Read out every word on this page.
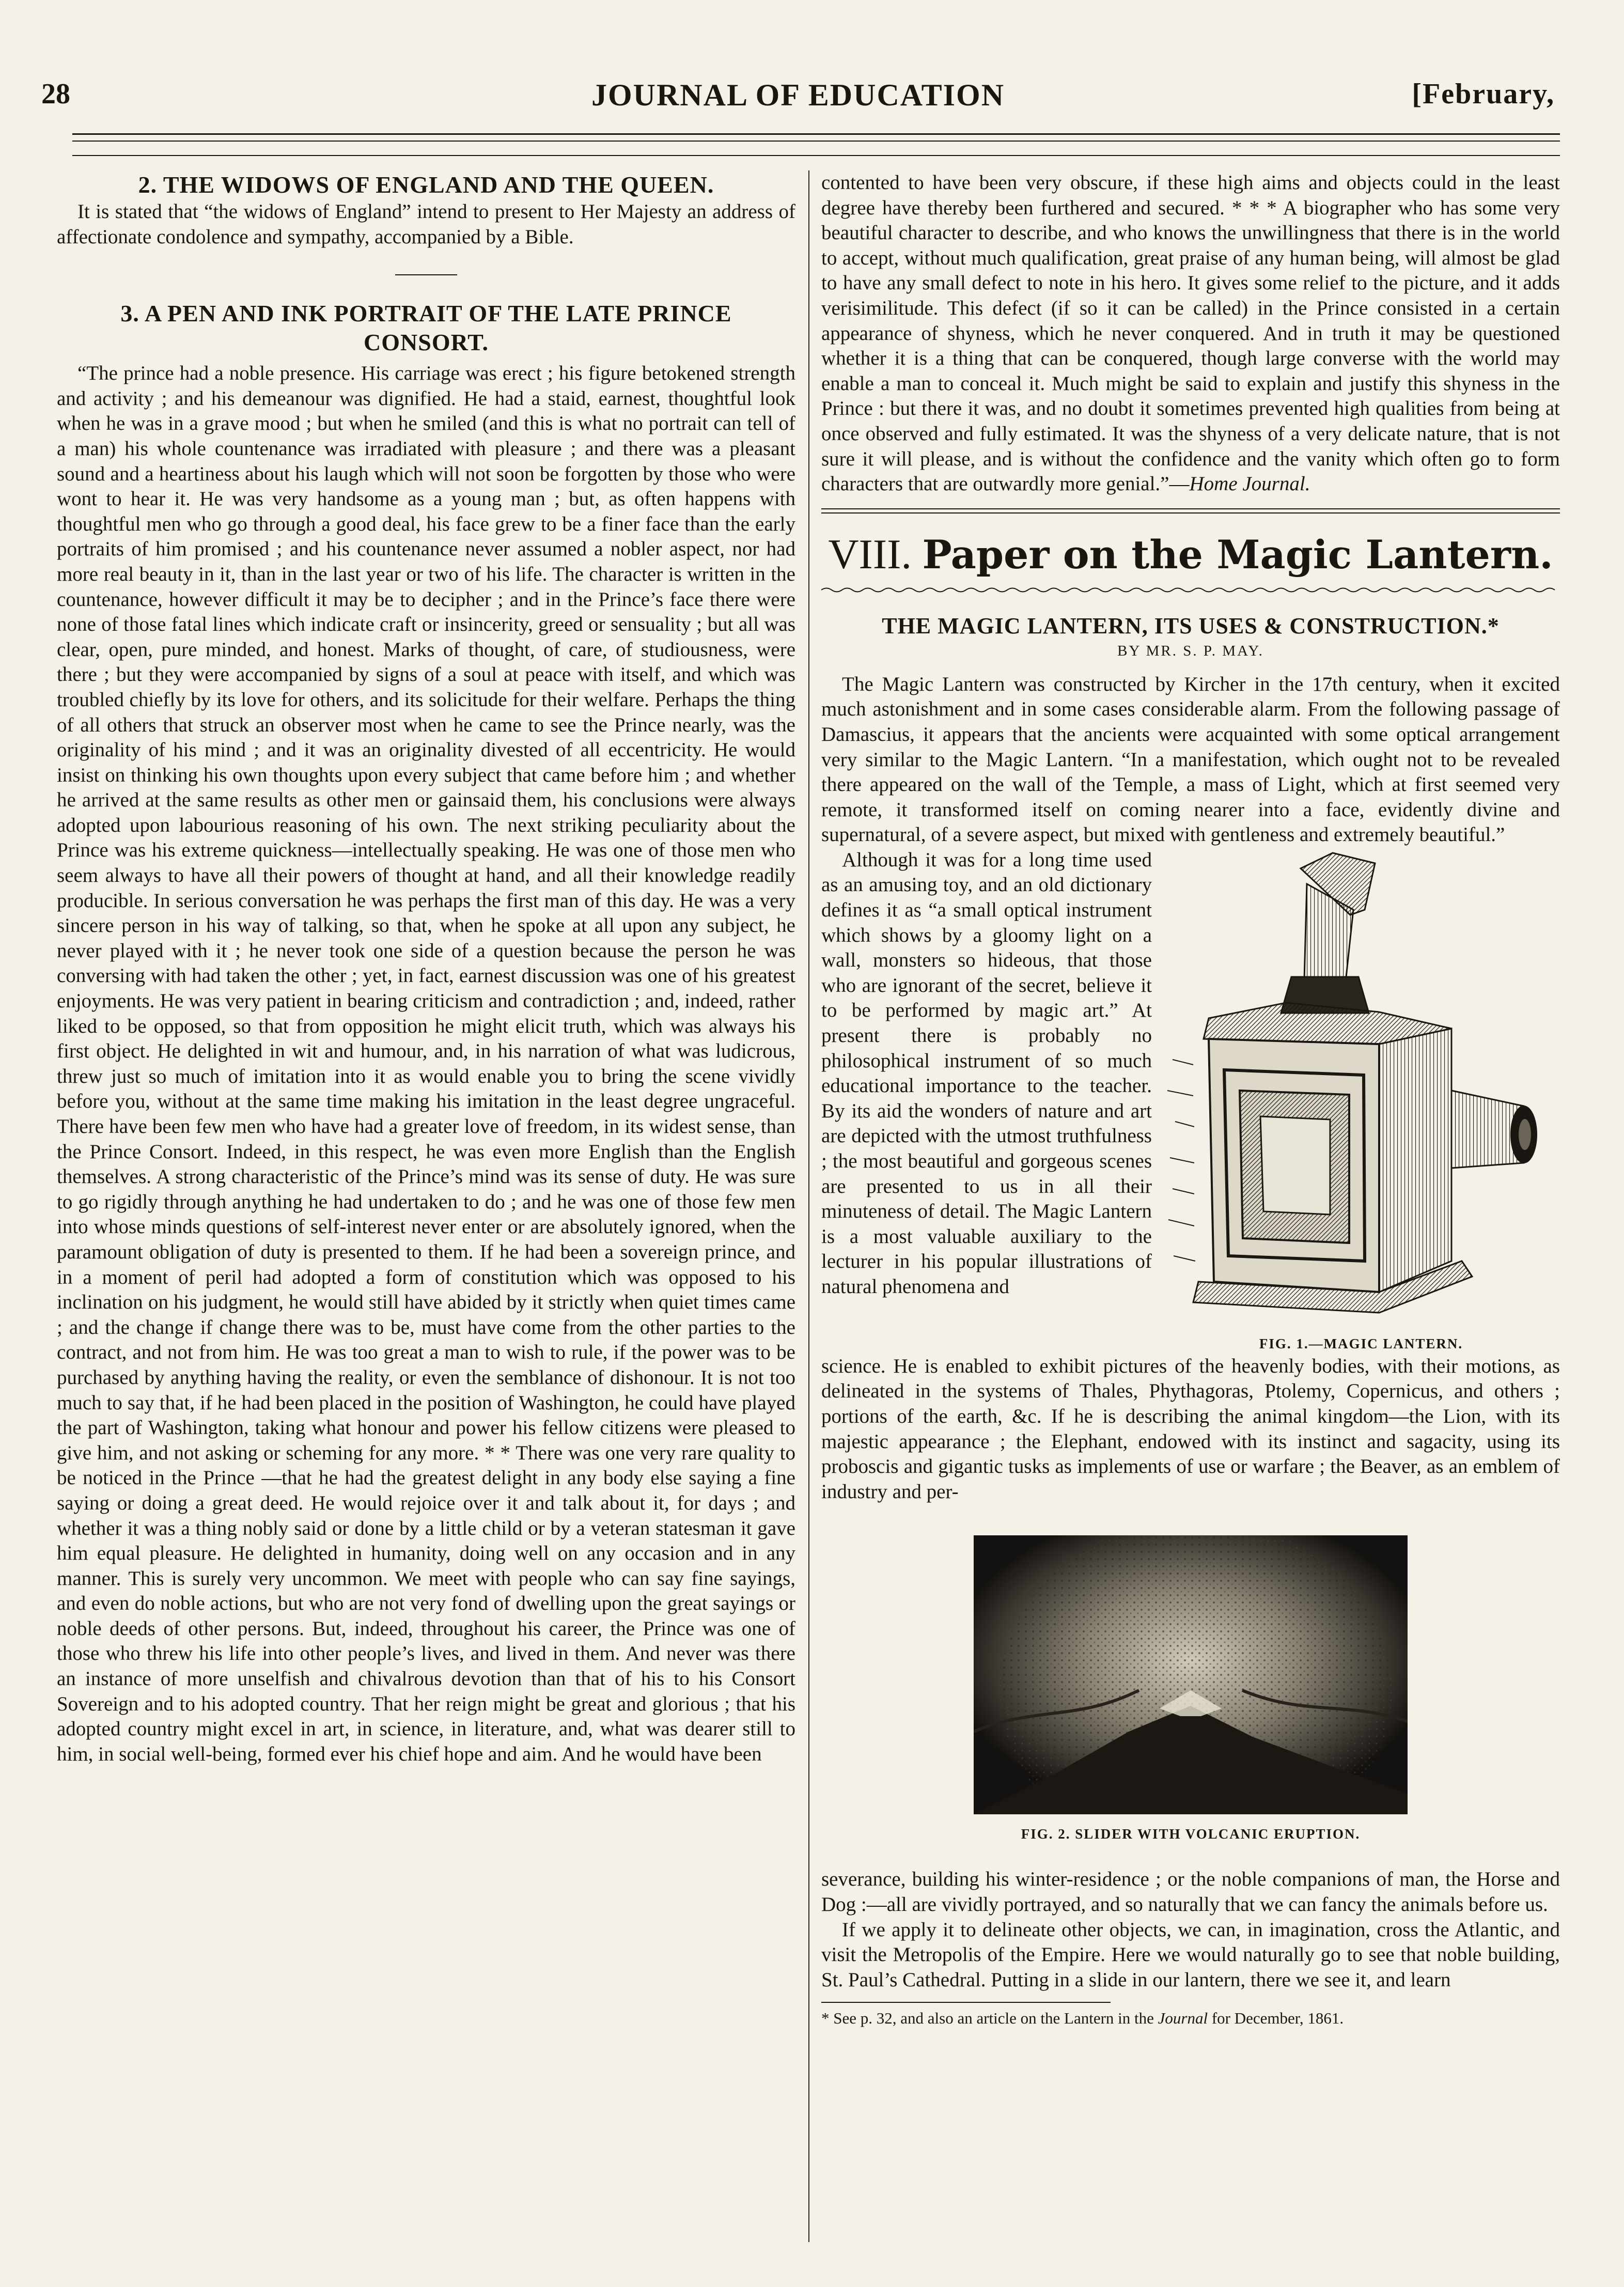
28	JOURNAL OF EDUCATION	[February,
2. THE WIDOWS OF ENGLAND AND THE QUEEN.

It is stated that “the widows of England” intend to present to Her Majesty an address of affectionate condolence and sympathy, accompanied by a Bible.

3. A PEN AND INK PORTRAIT OF THE LATE PRINCE CONSORT.

“The prince had a noble presence. His carriage was erect ; his figure betokened strength and activity ; and his demeanour was dignified. He had a staid, earnest, thoughtful look when he was in a grave mood ; but when he smiled (and this is what no portrait can tell of a man) his whole countenance was irradiated with pleasure ; and there was a pleasant sound and a heartiness about his laugh which will not soon be forgotten by those who were wont to hear it. He was very handsome as a young man ; but, as often happens with thoughtful men who go through a good deal, his face grew to be a finer face than the early portraits of him promised ; and his countenance never assumed a nobler aspect, nor had more real beauty in it, than in the last year or two of his life. The character is written in the countenance, however difficult it may be to decipher ; and in the Prince’s face there were none of those fatal lines which indicate craft or insincerity, greed or sensuality ; but all was clear, open, pure minded, and honest. Marks of thought, of care, of studiousness, were there ; but they were accompanied by signs of a soul at peace with itself, and which was troubled chiefly by its love for others, and its solicitude for their welfare. Perhaps the thing of all others that struck an observer most when he came to see the Prince nearly, was the originality of his mind ; and it was an originality divested of all eccentricity. He would insist on thinking his own thoughts upon every subject that came before him ; and whether he arrived at the same results as other men or gainsaid them, his conclusions were always adopted upon labourious reasoning of his own. The next striking peculiarity about the Prince was his extreme quickness—intellectually speaking. He was one of those men who seem always to have all their powers of thought at hand, and all their knowledge readily producible. In serious conversation he was perhaps the first man of this day. He was a very sincere person in his way of talking, so that, when he spoke at all upon any subject, he never played with it ; he never took one side of a question because the person he was conversing with had taken the other ; yet, in fact, earnest discussion was one of his greatest enjoyments. He was very patient in bearing criticism and contradiction ; and, indeed, rather liked to be opposed, so that from opposition he might elicit truth, which was always his first object. He delighted in wit and humour, and, in his narration of what was ludicrous, threw just so much of imitation into it as would enable you to bring the scene vividly before you, without at the same time making his imitation in the least degree ungraceful. There have been few men who have had a greater love of freedom, in its widest sense, than the Prince Consort. Indeed, in this respect, he was even more English than the English themselves. A strong characteristic of the Prince’s mind was its sense of duty. He was sure to go rigidly through anything he had undertaken to do ; and he was one of those few men into whose minds questions of self-interest never enter or are absolutely ignored, when the paramount obligation of duty is presented to them. If he had been a sovereign prince, and in a moment of peril had adopted a form of constitution which was opposed to his inclination on his judgment, he would still have abided by it strictly when quiet times came ; and the change if change there was to be, must have come from the other parties to the contract, and not from him. He was too great a man to wish to rule, if the power was to be purchased by anything having the reality, or even the semblance of dishonour. It is not too much to say that, if he had been placed in the position of Washington, he could have played the part of Washington, taking what honour and power his fellow citizens were pleased to give him, and not asking or scheming for any more. * * There was one very rare quality to be noticed in the Prince —that he had the greatest delight in any body else saying a fine saying or doing a great deed. He would rejoice over it and talk about it, for days ; and whether it was a thing nobly said or done by a little child or by a veteran statesman it gave him equal pleasure. He delighted in humanity, doing well on any occasion and in any manner. This is surely very uncommon. We meet with people who can say fine sayings, and even do noble actions, but who are not very fond of dwelling upon the great sayings or noble deeds of other persons. But, indeed, throughout his career, the Prince was one of those who threw his life into other people’s lives, and lived in them. And never was there an instance of more unselfish and chivalrous devotion than that of his to his Consort Sovereign and to his adopted country. That her reign might be great and glorious ; that his adopted country might excel in art, in science, in literature, and, what was dearer still to him, in social well-being, formed ever his chief hope and aim. And he would have been

contented to have been very obscure, if these high aims and objects could in the least degree have thereby been furthered and secured. * * * A biographer who has some very beautiful character to describe, and who knows the unwillingness that there is in the world to accept, without much qualification, great praise of any human being, will almost be glad to have any small defect to note in his hero. It gives some relief to the picture, and it adds verisimilitude. This defect (if so it can be called) in the Prince consisted in a certain appearance of shyness, which he never conquered. And in truth it may be questioned whether it is a thing that can be conquered, though large converse with the world may enable a man to conceal it. Much might be said to explain and justify this shyness in the Prince : but there it was, and no doubt it sometimes prevented high qualities from being at once observed and fully estimated. It was the shyness of a very delicate nature, that is not sure it will please, and is without the confidence and the vanity which often go to form characters that are outwardly more genial.”—Home Journal.

VIII. Paper on the Magic Lantern.
THE MAGIC LANTERN, ITS USES & CONSTRUCTION.*
BY MR. S. P. MAY.

The Magic Lantern was constructed by Kircher in the 17th century, when it excited much astonishment and in some cases considerable alarm. From the following passage of Damascius, it appears that the ancients were acquainted with some optical arrangement very similar to the Magic Lantern. “In a manifestation, which ought not to be revealed there appeared on the wall of the Temple, a mass of Light, which at first seemed very remote, it transformed itself on coming nearer into a face, evidently divine and supernatural, of a severe aspect, but mixed with gentleness and extremely beautiful.”

Although it was for a long time used as an amusing toy, and an old dictionary defines it as “a small optical instrument which shows by a gloomy light on a wall, monsters so hideous, that those who are ignorant of the secret, believe it to be performed by magic art.” At present there is probably no philosophical instrument of so much educational importance to the teacher. By its aid the wonders of nature and art are depicted with the utmost truthfulness ; the most beautiful and gorgeous scenes are presented to us in all their minuteness of detail. The Magic Lantern is a most valuable auxiliary to the lecturer in his popular illustrations of natural phenomena and

FIG. 1.—MAGIC LANTERN.

science. He is enabled to exhibit pictures of the heavenly bodies, with their motions, as delineated in the systems of Thales, Phythagoras, Ptolemy, Copernicus, and others ; portions of the earth, &c. If he is describing the animal kingdom—the Lion, with its majestic appearance ; the Elephant, endowed with its instinct and sagacity, using its proboscis and gigantic tusks as implements of use or warfare ; the Beaver, as an emblem of industry and per-

FIG. 2. SLIDER WITH VOLCANIC ERUPTION.

severance, building his winter-residence ; or the noble companions of man, the Horse and Dog :—all are vividly portrayed, and so naturally that we can fancy the animals before us.

If we apply it to delineate other objects, we can, in imagination, cross the Atlantic, and visit the Metropolis of the Empire. Here we would naturally go to see that noble building, St. Paul’s Cathedral. Putting in a slide in our lantern, there we see it, and learn

* See p. 32, and also an article on the Lantern in the Journal for December, 1861.
